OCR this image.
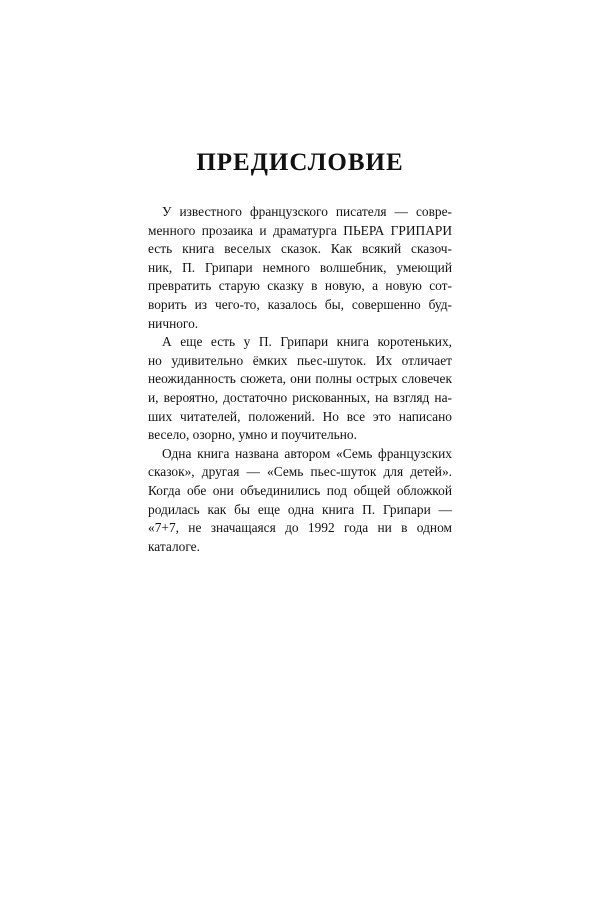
ПРЕДИСЛОВИЕ
У известного французского писателя — совре-
менного прозаика и драматурга ПЬЕРА ГРИПАРИ
есть книга веселых сказок. Как всякий сказоч-
ник, П. Грипари немного волшебник, умеющий
превратить старую сказку в новую, а новую сот-
ворить из чего-то, казалось бы, совершенно буд-
ничного.
А еще есть у П. Грипари книга коротеньких,
но удивительно ёмких пьес-шуток. Их отличает
неожиданность сюжета, они полны острых словечек
и, вероятно, достаточно рискованных, на взгляд на-
ших читателей, положений. Но все это написано
весело, озорно, умно и поучительно.
Одна книга названа автором «Семь французских
сказок», другая — «Семь пьес-шуток для детей».
Когда обе они объединились под общей обложкой
родилась как бы еще одна книга П. Грипари —
«7+7, не значащаяся до 1992 года ни в одном
каталоге.
